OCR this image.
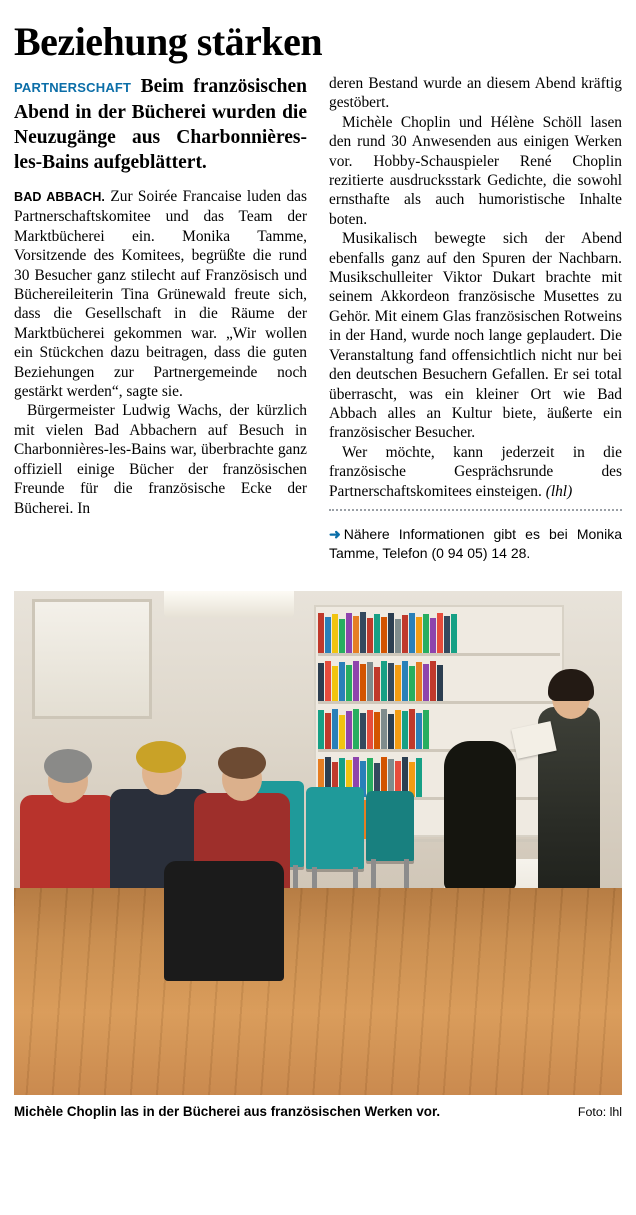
Beziehung stärken

PARTNERSCHAFT Beim französischen Abend in der Bücherei wurden die Neuzugänge aus Charbonnières-les-Bains aufgeblättert.

BAD ABBACH. Zur Soirée Francaise luden das Partnerschaftskomitee und das Team der Marktbücherei ein. Monika Tamme, Vorsitzende des Komitees, begrüßte die rund 30 Besucher ganz stilecht auf Französisch und Büchereileiterin Tina Grünewald freute sich, dass die Gesellschaft in die Räume der Marktbücherei gekommen war. „Wir wollen ein Stückchen dazu beitragen, dass die guten Beziehungen zur Partnergemeinde noch gestärkt werden“, sagte sie.

Bürgermeister Ludwig Wachs, der kürzlich mit vielen Bad Abbachern auf Besuch in Charbonnières-les-Bains war, überbrachte ganz offiziell einige Bücher der französischen Freunde für die französische Ecke der Bücherei. In

deren Bestand wurde an diesem Abend kräftig gestöbert.

Michèle Choplin und Hélène Schöll lasen den rund 30 Anwesenden aus einigen Werken vor. Hobby-Schauspieler René Choplin rezitierte ausdrucksstark Gedichte, die sowohl ernsthafte als auch humoristische Inhalte boten.

Musikalisch bewegte sich der Abend ebenfalls ganz auf den Spuren der Nachbarn. Musikschulleiter Viktor Dukart brachte mit seinem Akkordeon französische Musettes zu Gehör. Mit einem Glas französischen Rotweins in der Hand, wurde noch lange geplaudert. Die Veranstaltung fand offensichtlich nicht nur bei den deutschen Besuchern Gefallen. Er sei total überrascht, was ein kleiner Ort wie Bad Abbach alles an Kultur biete, äußerte ein französischer Besucher.

Wer möchte, kann jederzeit in die französische Gesprächsrunde des Partnerschaftskomitees einsteigen. (lhl)

➜ Nähere Informationen gibt es bei Monika Tamme, Telefon (0 94 05) 14 28.

Michèle Choplin las in der Bücherei aus französischen Werken vor.	Foto: lhl
